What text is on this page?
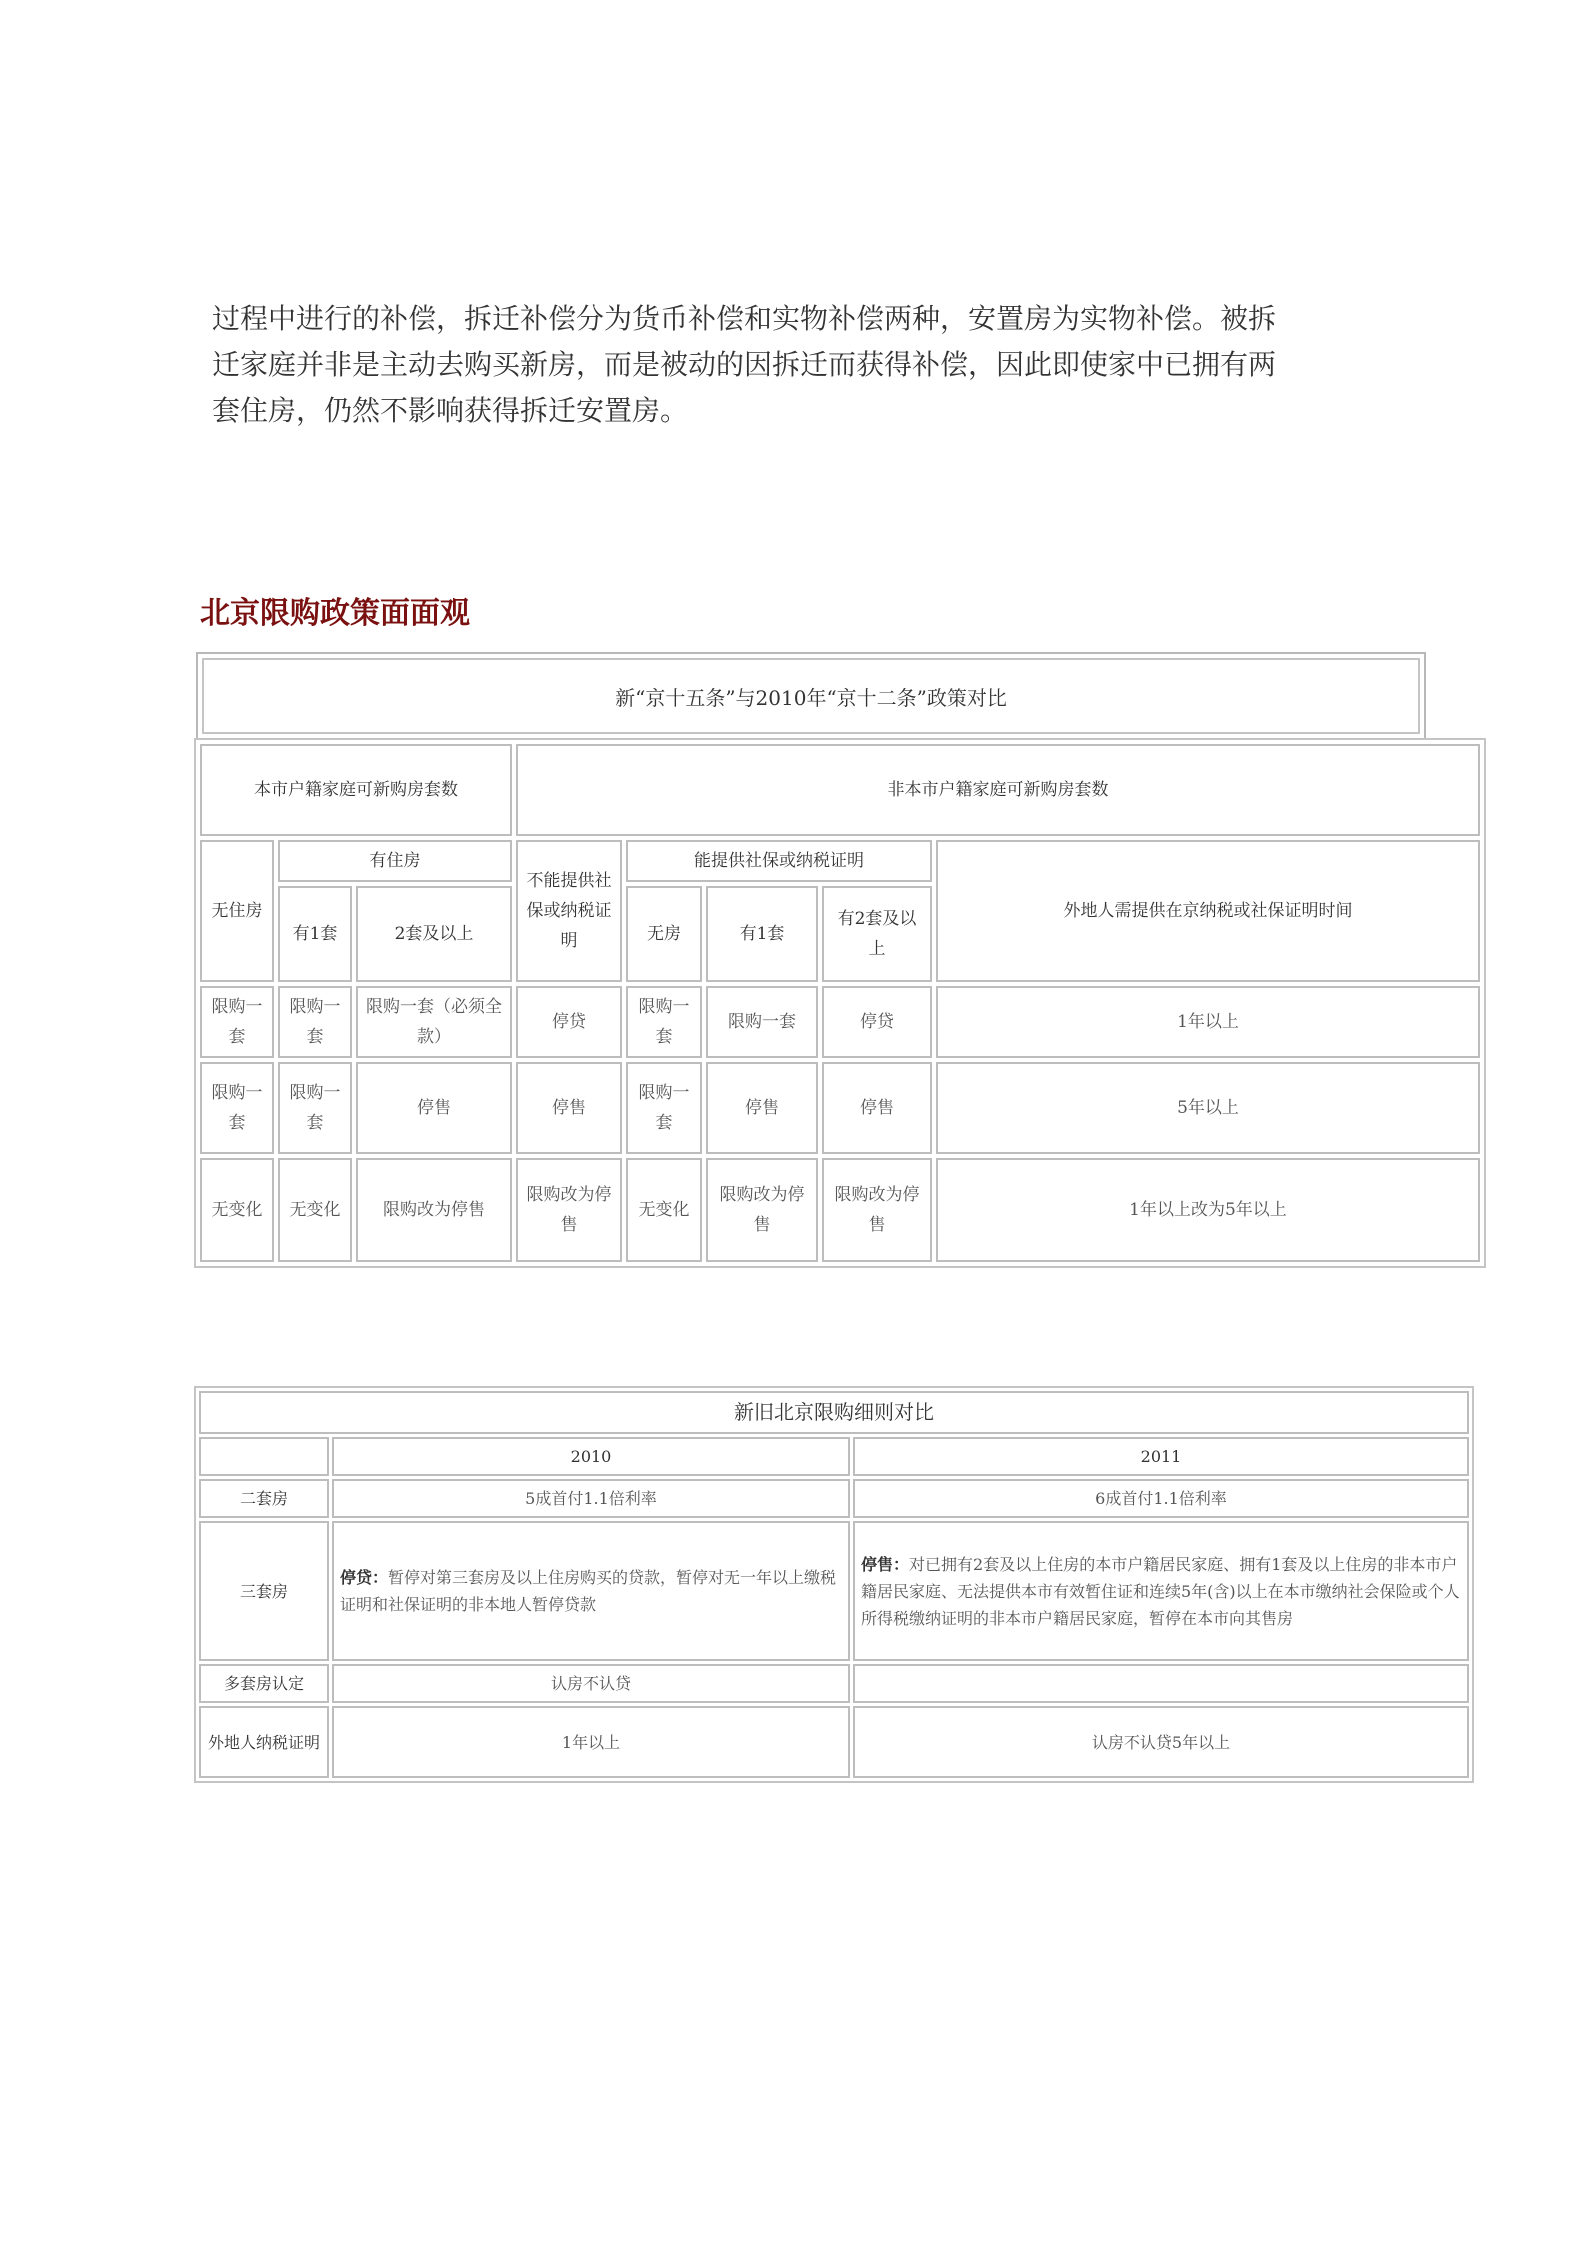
过程中进行的补偿，拆迁补偿分为货币补偿和实物补偿两种，安置房为实物补偿。被拆
迁家庭并非是主动去购买新房，而是被动的因拆迁而获得补偿，因此即使家中已拥有两
套住房，仍然不影响获得拆迁安置房。
北京限购政策面面观
新“京十五条”与2010年“京十二条”政策对比
本市户籍家庭可新购房套数			非本市户籍家庭可新购房套数				
无住房	有住房		不能提供社保或纳税证明	能提供社保或纳税证明			外地人需提供在京纳税或社保证明时间
	有1套	2套及以上		无房	有1套	有2套及以上	
限购一套	限购一套	限购一套（必须全款）	停贷	限购一套	限购一套	停贷	1年以上
限购一套	限购一套	停售	停售	限购一套	停售	停售	5年以上
无变化	无变化	限购改为停售	限购改为停售	无变化	限购改为停售	限购改为停售	1年以上改为5年以上
新旧北京限购细则对比		
	2010	2011
二套房	5成首付1.1倍利率	6成首付1.1倍利率
三套房	停贷：暂停对第三套房及以上住房购买的贷款，暂停对无一年以上缴税证明和社保证明的非本地人暂停贷款	停售：对已拥有2套及以上住房的本市户籍居民家庭、拥有1套及以上住房的非本市户籍居民家庭、无法提供本市有效暂住证和连续5年(含)以上在本市缴纳社会保险或个人所得税缴纳证明的非本市户籍居民家庭，暂停在本市向其售房
多套房认定	认房不认贷	
外地人纳税证明	1年以上	认房不认贷5年以上
